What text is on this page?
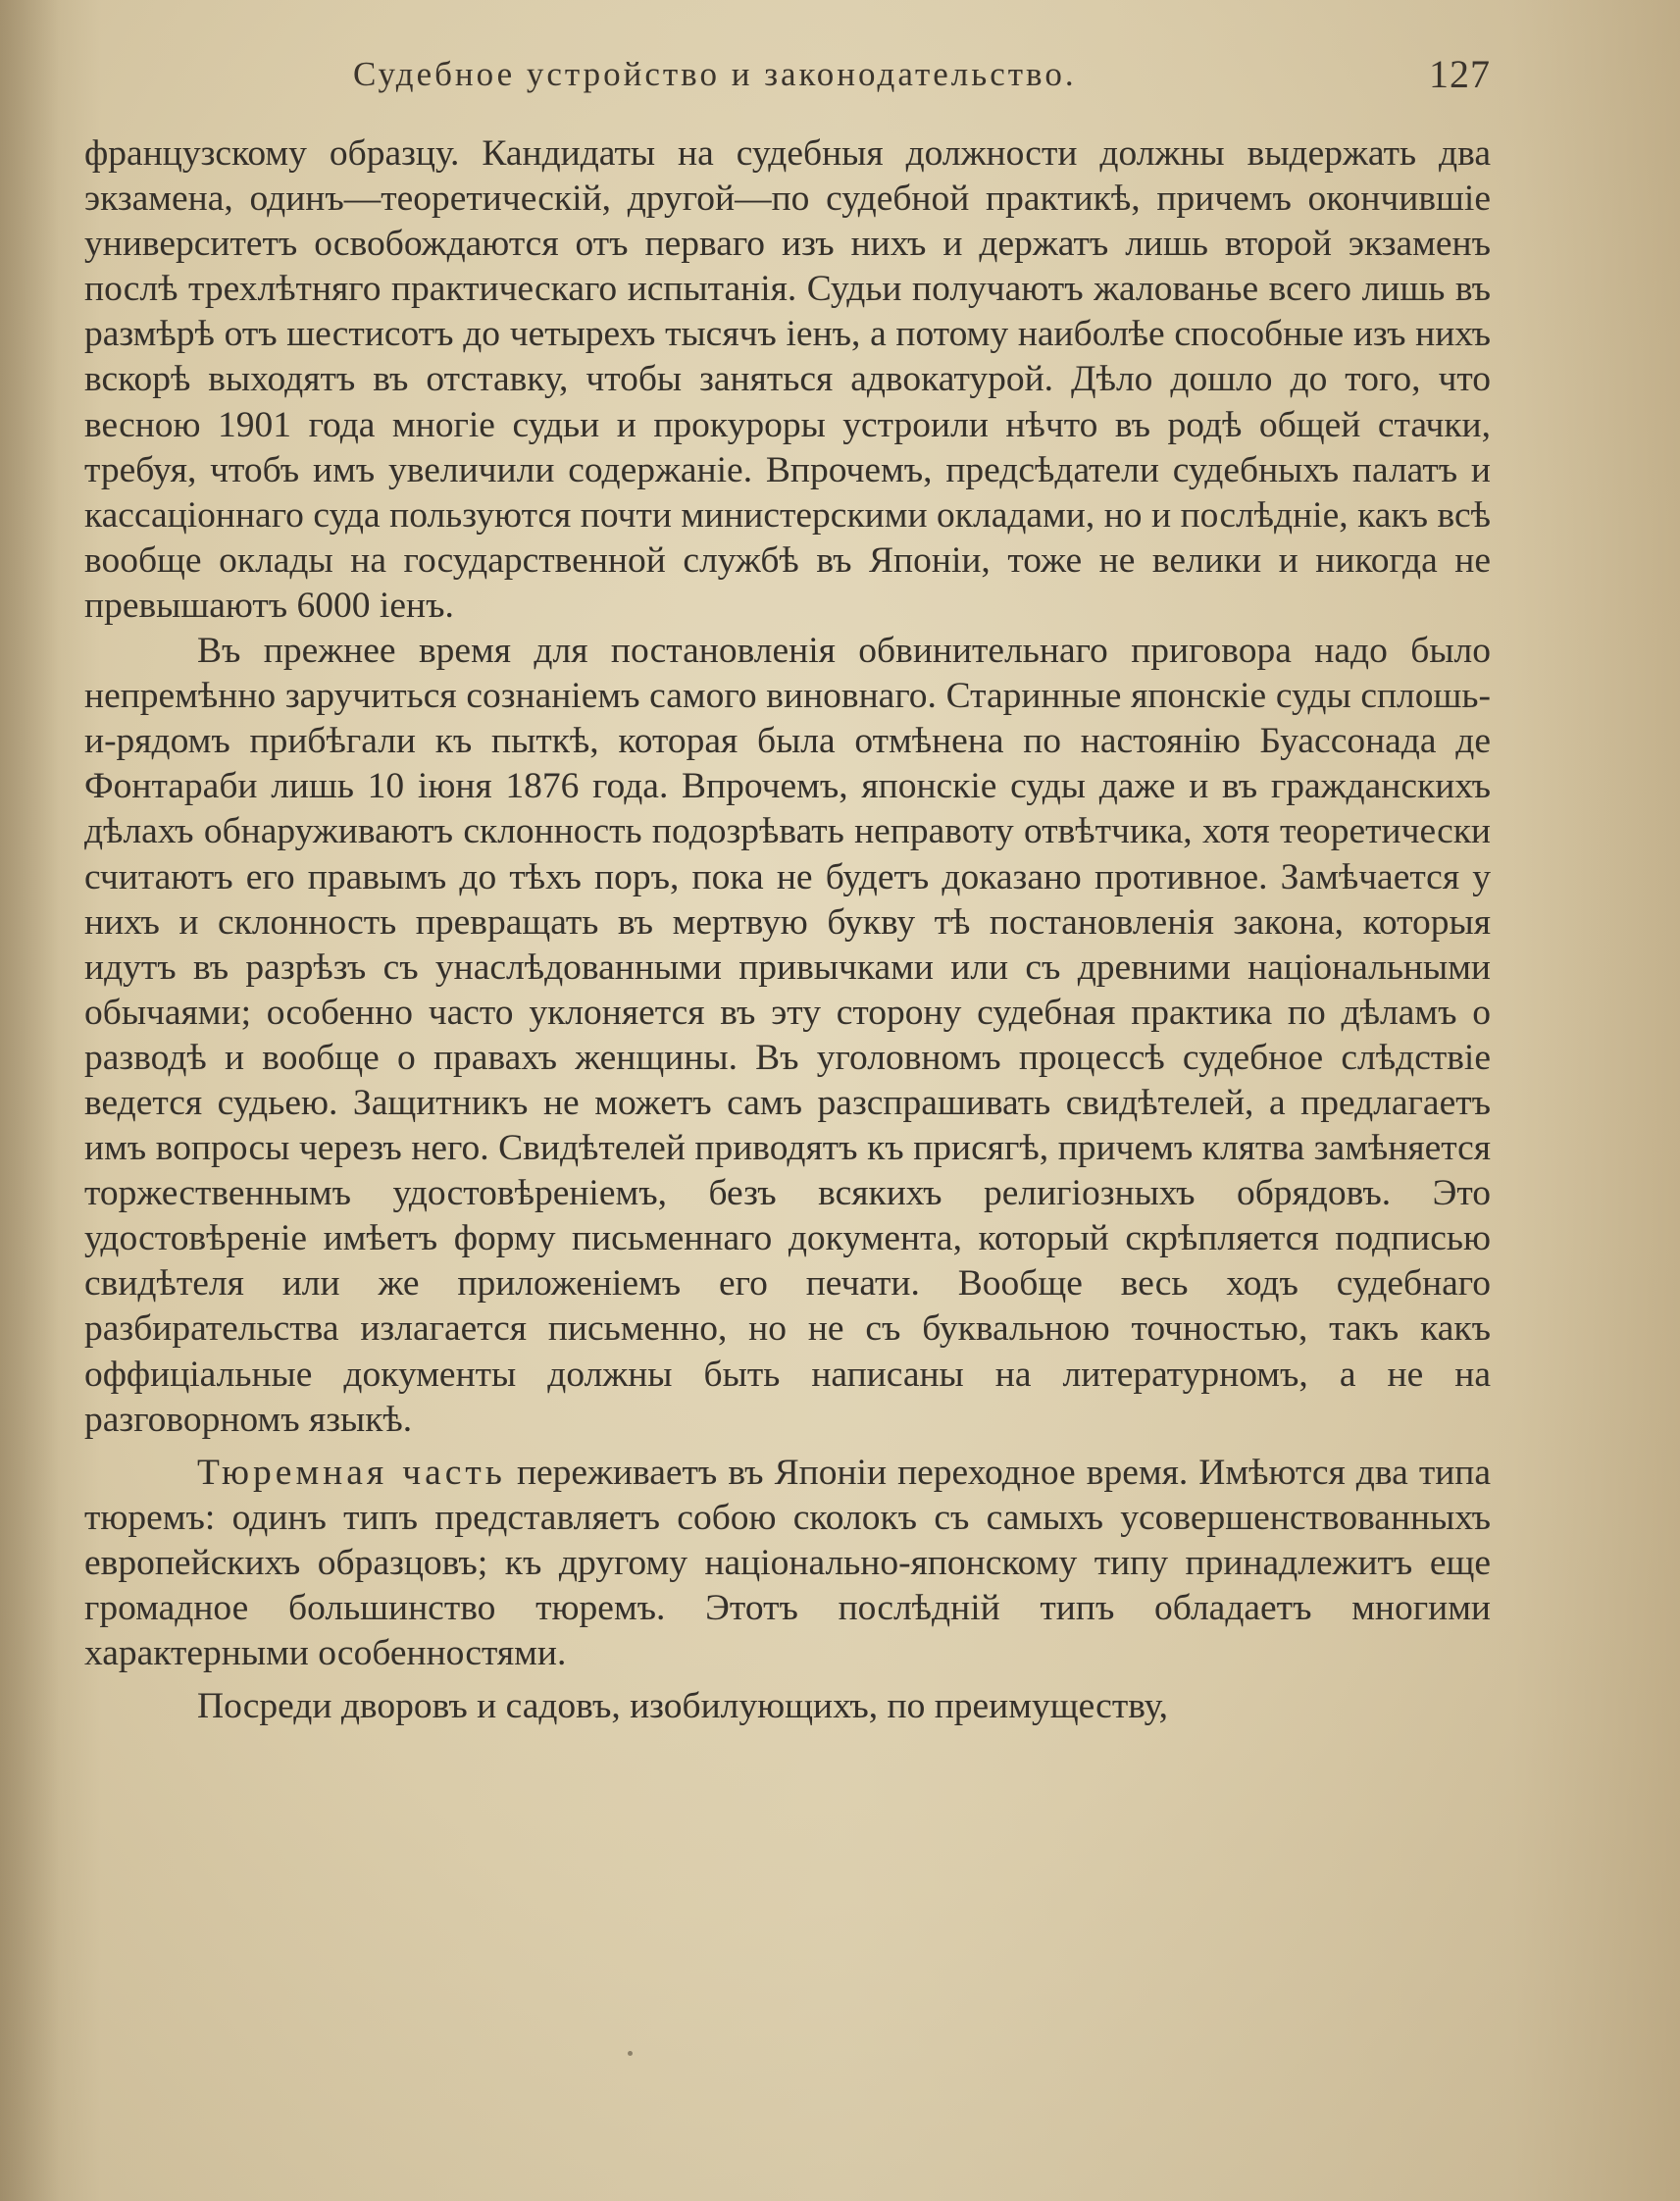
Судебное устройство и законодательство.	127

французскому образцу. Кандидаты на судебныя должности должны выдержать два экзамена, одинъ—теоретическій, другой—по судебной практикѣ, причемъ окончившіе университетъ освобождаются отъ перваго изъ нихъ и держатъ лишь второй экзаменъ послѣ трехлѣтняго практическаго испытанія. Судьи получаютъ жалованье всего лишь въ размѣрѣ отъ шестисотъ до четырехъ тысячъ іенъ, а потому наиболѣе способные изъ нихъ вскорѣ выходятъ въ отставку, чтобы заняться адвокатурой. Дѣло дошло до того, что весною 1901 года многіе судьи и прокуроры устроили нѣчто въ родѣ общей стачки, требуя, чтобъ имъ увеличили содержаніе. Впрочемъ, предсѣдатели судебныхъ палатъ и кассаціоннаго суда пользуются почти министерскими окладами, но и послѣдніе, какъ всѣ вообще оклады на государственной службѣ въ Японіи, тоже не велики и никогда не превышаютъ 6000 іенъ.

Въ прежнее время для постановленія обвинительнаго приговора надо было непремѣнно заручиться сознаніемъ самого виновнаго. Старинные японскіе суды сплошь-и-рядомъ прибѣгали къ пыткѣ, которая была отмѣнена по настоянію Буассонада де Фонтараби лишь 10 іюня 1876 года. Впрочемъ, японскіе суды даже и въ гражданскихъ дѣлахъ обнаруживаютъ склонность подозрѣвать неправоту отвѣтчика, хотя теоретически считаютъ его правымъ до тѣхъ поръ, пока не будетъ доказано противное. Замѣчается у нихъ и склонность превращать въ мертвую букву тѣ постановленія закона, которыя идутъ въ разрѣзъ съ унаслѣдованными привычками или съ древними національными обычаями; особенно часто уклоняется въ эту сторону судебная практика по дѣламъ о разводѣ и вообще о правахъ женщины. Въ уголовномъ процессѣ судебное слѣдствіе ведется судьею. Защитникъ не можетъ самъ разспрашивать свидѣтелей, а предлагаетъ имъ вопросы черезъ него. Свидѣтелей приводятъ къ присягѣ, причемъ клятва замѣняется торжественнымъ удостовѣреніемъ, безъ всякихъ религіозныхъ обрядовъ. Это удостовѣреніе имѣетъ форму письменнаго документа, который скрѣпляется подписью свидѣтеля или же приложеніемъ его печати. Вообще весь ходъ судебнаго разбирательства излагается письменно, но не съ буквальною точностью, такъ какъ оффиціальные документы должны быть написаны на литературномъ, а не на разговорномъ языкѣ.

Тюремная часть переживаетъ въ Японіи переходное время. Имѣются два типа тюремъ: одинъ типъ представляетъ собою сколокъ съ самыхъ усовершенствованныхъ европейскихъ образцовъ; къ другому національно-японскому типу принадлежитъ еще громадное большинство тюремъ. Этотъ послѣдній типъ обладаетъ многими характерными особенностями.

Посреди дворовъ и садовъ, изобилующихъ, по преимуществу,
